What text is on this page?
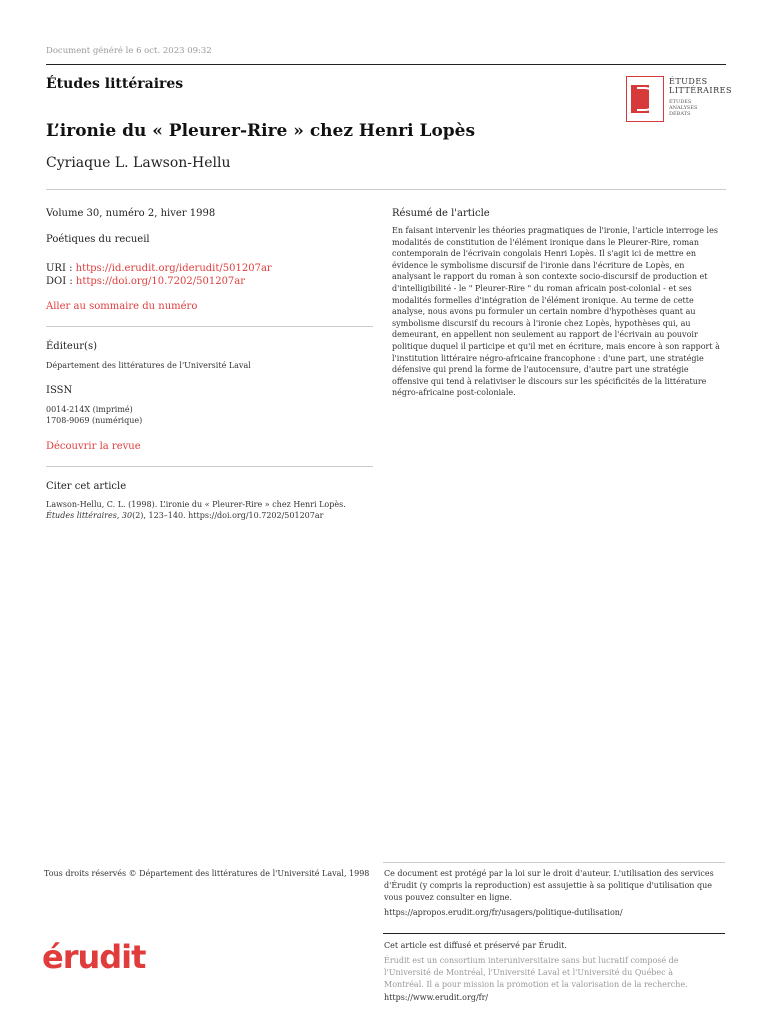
Document généré le 6 oct. 2023 09:32
Études littéraires	ÉTUDES
LITTÉRAIRES
ÉTUDES ANALYSES DÉBATS
L’ironie du « Pleurer-Rire » chez Henri Lopès
Cyriaque L. Lawson-Hellu
Volume 30, numéro 2, hiver 1998
Poétiques du recueil
URI : https://id.erudit.org/iderudit/501207ar
DOI : https://doi.org/10.7202/501207ar
Aller au sommaire du numéro
Éditeur(s)
Département des littératures de l'Université Laval
ISSN
0014-214X (imprimé)
1708-9069 (numérique)
Découvrir la revue
Citer cet article
Lawson-Hellu, C. L. (1998). L’ironie du « Pleurer-Rire » chez Henri Lopès.
Études littéraires, 30(2), 123–140. https://doi.org/10.7202/501207ar
Résumé de l'article
En faisant intervenir les théories pragmatiques de l'ironie, l'article interroge les modalités de constitution de l'élément ironique dans le Pleurer-Rire, roman contemporain de l'écrivain congolais Henri Lopès. Il s'agit ici de mettre en évidence le symbolisme discursif de l'ironie dans l'écriture de Lopès, en analysant le rapport du roman à son contexte socio-discursif de production et d'intelligibilité - le " Pleurer-Rire " du roman africain post-colonial - et ses modalités formelles d'intégration de l'élément ironique. Au terme de cette analyse, nous avons pu formuler un certain nombre d'hypothèses quant au symbolisme discursif du recours à l'ironie chez Lopès, hypothèses qui, au demeurant, en appellent non seulement au rapport de l'écrivain au pouvoir politique duquel il participe et qu'il met en écriture, mais encore à son rapport à l'institution littéraire négro-africaine francophone : d'une part, une stratégie défensive qui prend la forme de l'autocensure, d'autre part une stratégie offensive qui tend à relativiser le discours sur les spécificités de la littérature négro-africaine post-coloniale.
Tous droits réservés © Département des littératures de l'Université Laval, 1998 Ce document est protégé par la loi sur le droit d'auteur. L'utilisation des services d'Érudit (y compris la reproduction) est assujettie à sa politique d'utilisation que vous pouvez consulter en ligne.
https://apropos.erudit.org/fr/usagers/politique-dutilisation/
Cet article est diffusé et préservé par Érudit.
Érudit est un consortium interuniversitaire sans but lucratif composé de l'Université de Montréal, l'Université Laval et l'Université du Québec à Montréal. Il a pour mission la promotion et la valorisation de la recherche.
https://www.erudit.org/fr/
érudit
